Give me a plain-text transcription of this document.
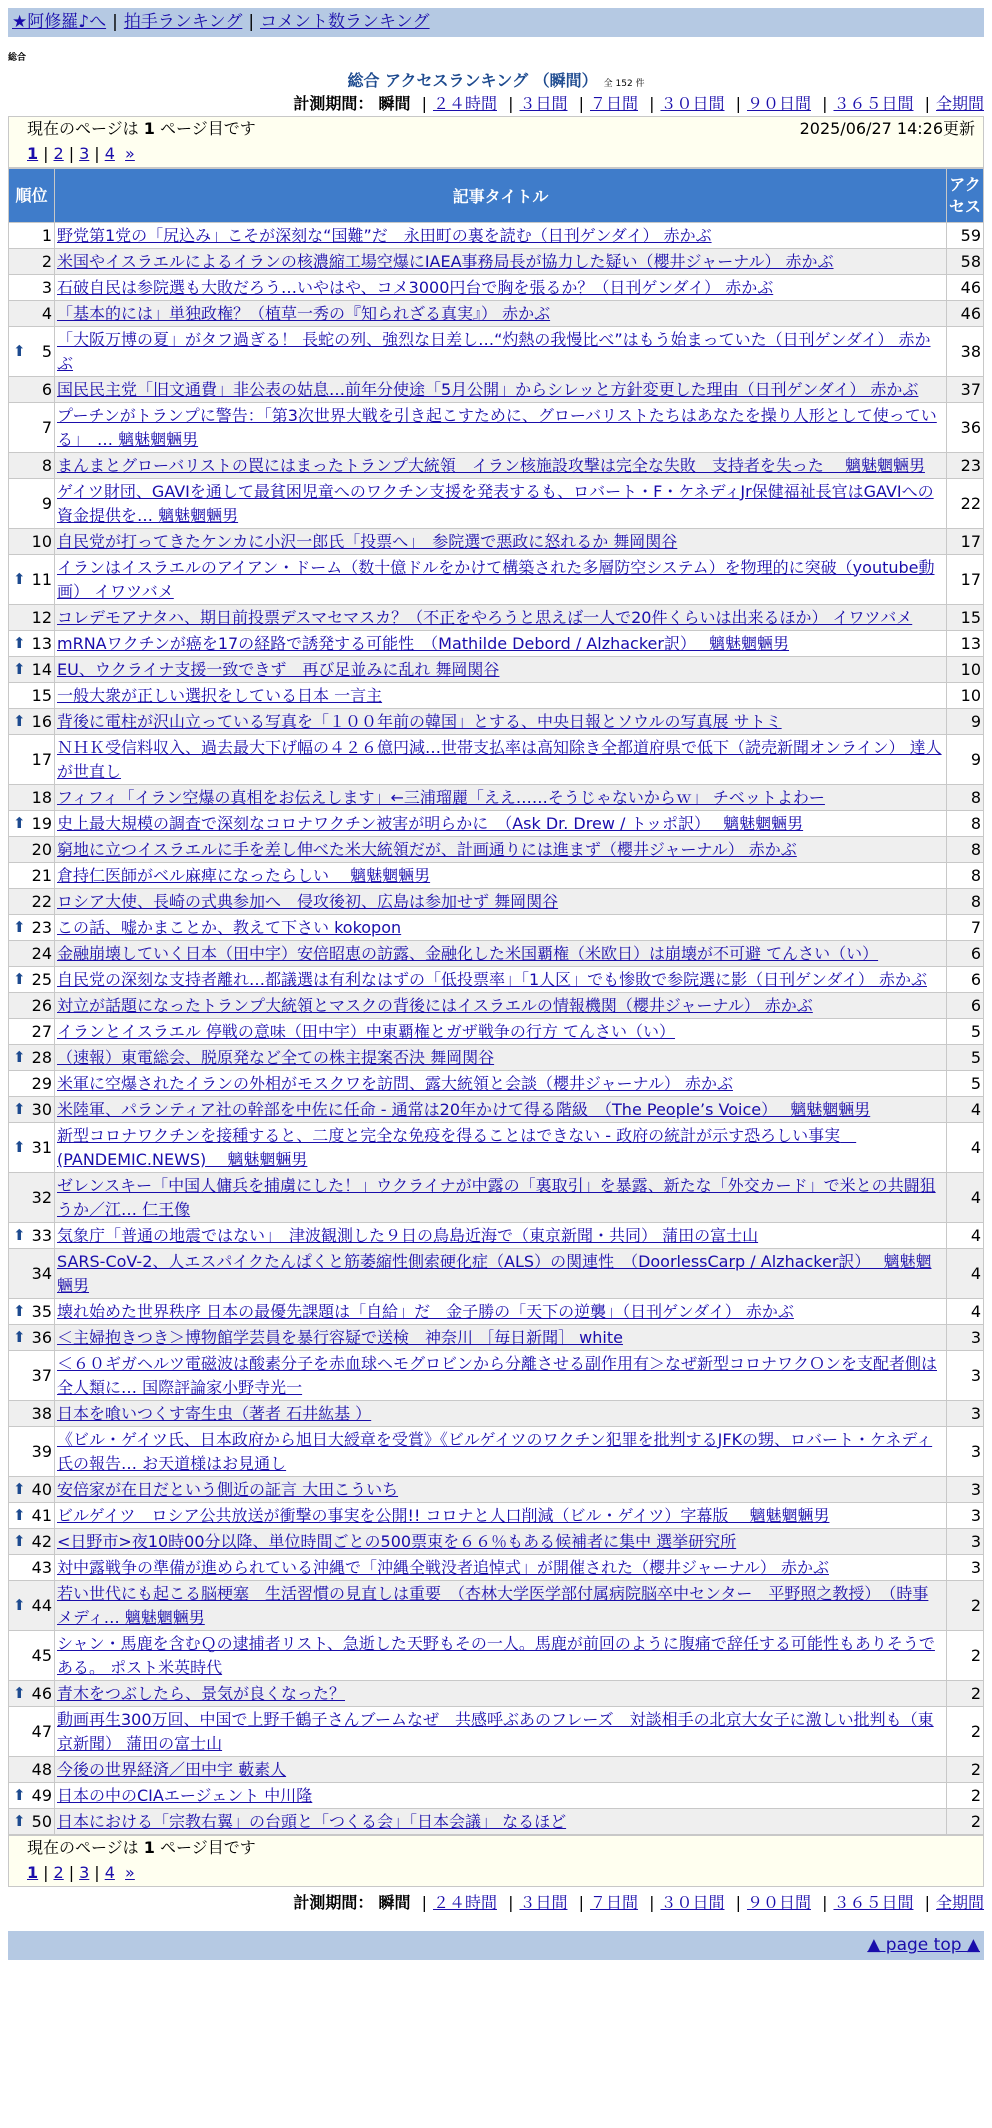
★阿修羅♪へ | 拍手ランキング | コメント数ランキング
総合
総合 アクセスランキング （瞬間） 全 152 件
計測期間： 瞬間 | ２４時間 | ３日間 | ７日間 | ３０日間 | ９０日間 | ３６５日間 | 全期間
現在のページは 1 ページ目です	2025/06/27 14:26更新
1 | 2 | 3 | 4 »
順位	記事タイトル	アクセス
1	野党第1党の「尻込み」こそが深刻な“国難”だ　永田町の裏を読む（日刊ゲンダイ） 赤かぶ	59
2	米国やイスラエルによるイランの核濃縮工場空爆にIAEA事務局長が協力した疑い（櫻井ジャーナル） 赤かぶ	58
3	石破自民は参院選も大敗だろう…いやはや、コメ3000円台で胸を張るか？（日刊ゲンダイ） 赤かぶ	46
4	「基本的には」単独政権？（植草一秀の『知られざる真実』） 赤かぶ	46

⬆ 5	「大阪万博の夏」がタフ過ぎる！ 長蛇の列、強烈な日差し…“灼熱の我慢比べ”はもう始まっていた（日刊ゲンダイ） 赤かぶ	38
6	国民民主党「旧文通費」非公表の姑息…前年分使途「5月公開」からシレッと方針変更した理由（日刊ゲンダイ） 赤かぶ	37
7	プーチンがトランプに警告：「第3次世界大戦を引き起こすために、グローバリストたちはあなたを操り人形として使っている」　… 魑魅魍魎男	36
8	まんまとグローバリストの罠にはまったトランプ大統領　イラン核施設攻撃は完全な失敗　支持者を失った　 魑魅魍魎男	23
9	ゲイツ財団、GAVIを通して最貧困児童へのワクチン支援を発表するも、ロバート・F・ケネディJr保健福祉長官はGAVIへの資金提供を… 魑魅魍魎男	22
10	自民党が打ってきたケンカに小沢一郎氏「投票へ」　参院選で悪政に怒れるか 舞岡関谷	17

⬆ 11	イランはイスラエルのアイアン・ドーム（数十億ドルをかけて構築された多層防空システム）を物理的に突破（youtube動画） イワツバメ	17
12	コレデモアナタハ、期日前投票デスマセマスカ？（不正をやろうと思えば一人で20件くらいは出来るほか） イワツバメ	15

⬆ 13	mRNAワクチンが癌を17の経路で誘発する可能性　（Mathilde Debord / Alzhacker訳）　 魑魅魍魎男	13

⬆ 14	EU、ウクライナ支援一致できず　再び足並みに乱れ 舞岡関谷	10
15	一般大衆が正しい選択をしている日本 一言主	10

⬆ 16	背後に電柱が沢山立っている写真を「１００年前の韓国」とする、中央日報とソウルの写真展 サトミ	9
17	ＮＨＫ受信料収入、過去最大下げ幅の４２６億円減…世帯支払率は高知除き全都道府県で低下（読売新聞オンライン） 達人が世直し	9
18	フィフィ「イラン空爆の真相をお伝えします」←三浦瑠麗「ええ……そうじゃないからｗ」 チベットよわー	8

⬆ 19	史上最大規模の調査で深刻なコロナワクチン被害が明らかに　（Ask Dr. Drew / トッポ訳）　 魑魅魍魎男	8
20	窮地に立つイスラエルに手を差し伸べた米大統領だが、計画通りには進まず（櫻井ジャーナル） 赤かぶ	8
21	倉持仁医師がベル麻痺になったらしい　 魑魅魍魎男	8
22	ロシア大使、長崎の式典参加へ　侵攻後初、広島は参加せず 舞岡関谷	8

⬆ 23	この話、嘘かまことか、教えて下さい kokopon	7
24	金融崩壊していく日本（田中宇）安倍昭恵の訪露、金融化した米国覇権（米欧日）は崩壊が不可避 てんさい（い）	6

⬆ 25	自民党の深刻な支持者離れ…都議選は有利なはずの「低投票率」「1人区」でも惨敗で参院選に影（日刊ゲンダイ） 赤かぶ	6
26	対立が話題になったトランプ大統領とマスクの背後にはイスラエルの情報機関（櫻井ジャーナル） 赤かぶ	6
27	イランとイスラエル 停戦の意味（田中宇）中東覇権とガザ戦争の行方 てんさい（い）	5

⬆ 28	（速報）東電総会、脱原発など全ての株主提案否決 舞岡関谷	5
29	米軍に空爆されたイランの外相がモスクワを訪問、露大統領と会談（櫻井ジャーナル） 赤かぶ	5

⬆ 30	米陸軍、パランティア社の幹部を中佐に任命 - 通常は20年かけて得る階級　（The People’s Voice）　 魑魅魍魎男	4

⬆ 31	新型コロナワクチンを接種すると、二度と完全な免疫を得ることはできない - 政府の統計が示す恐ろしい事実　(PANDEMIC.NEWS)　 魑魅魍魎男	4
32	ゼレンスキー「中国人傭兵を捕虜にした！」ウクライナが中露の「裏取引」を暴露、新たな「外交カード」で米との共闘狙うか／江… 仁王像	4

⬆ 33	気象庁「普通の地震ではない」　津波観測した９日の鳥島近海で（東京新聞・共同） 蒲田の富士山	4
34	SARS-CoV-2、人エスパイクたんぱくと筋萎縮性側索硬化症（ALS）の関連性　（DoorlessCarp / Alzhacker訳）　 魑魅魍魎男	4

⬆ 35	壊れ始めた世界秩序 日本の最優先課題は「自給」だ　金子勝の「天下の逆襲」（日刊ゲンダイ） 赤かぶ	4

⬆ 36	＜主婦抱きつき＞博物館学芸員を暴行容疑で送検　神奈川 ［毎日新聞］ white	3
37	＜６０ギガヘルツ電磁波は酸素分子を赤血球ヘモグロビンから分離させる副作用有＞なぜ新型コロナワクＯンを支配者側は全人類に… 国際評論家小野寺光一	3
38	日本を喰いつくす寄生虫（著者 石井紘基 ）	3
39	《ビル・ゲイツ氏、日本政府から旭日大綬章を受賞》《ビルゲイツのワクチン犯罪を批判するJFKの甥、ロバート・ケネディ氏の報告… お天道様はお見通し	3

⬆ 40	安倍家が在日だという側近の証言 大田こういち	3

⬆ 41	ビルゲイツ　ロシア公共放送が衝撃の事実を公開!! コロナと人口削減（ビル・ゲイツ）字幕版　 魑魅魍魎男	3

⬆ 42	<日野市>夜10時00分以降、単位時間ごとの500票束を６６％もある候補者に集中 選挙研究所	3
43	対中露戦争の準備が進められている沖縄で「沖縄全戦没者追悼式」が開催された（櫻井ジャーナル） 赤かぶ	3

⬆ 44	若い世代にも起こる脳梗塞　生活習慣の見直しは重要　（杏林大学医学部付属病院脳卒中センター　平野照之教授）　（時事メディ… 魑魅魍魎男	2
45	シャン・馬鹿を含むＱの逮捕者リスト、急逝した天野もその一人。馬鹿が前回のように腹痛で辞任する可能性もありそうである。 ポスト米英時代	2

⬆ 46	青木をつぶしたら、景気が良くなった？	2
47	動画再生300万回、中国で上野千鶴子さんブームなぜ　共感呼ぶあのフレーズ　対談相手の北京大女子に激しい批判も（東京新聞） 蒲田の富士山	2
48	今後の世界経済／田中宇 藪素人	2

⬆ 49	日本の中のCIAエージェント 中川隆	2

⬆ 50	日本における「宗教右翼」の台頭と「つくる会」「日本会議」 なるほど	2
現在のページは 1 ページ目です
1 | 2 | 3 | 4 »
計測期間： 瞬間 | ２４時間 | ３日間 | ７日間 | ３０日間 | ９０日間 | ３６５日間 | 全期間
▲ page top ▲
